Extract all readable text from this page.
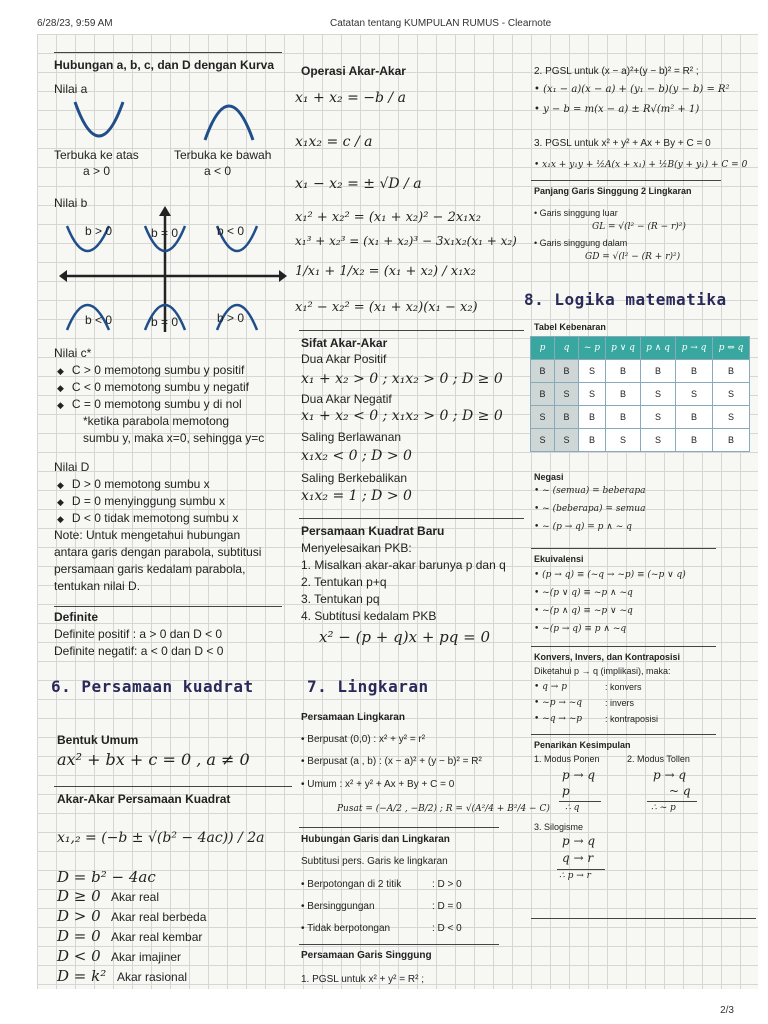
6/28/23, 9:59 AM	Catatan tentang KUMPULAN RUMUS - Clearnote
2/3
Hubungan a, b, c, dan D dengan Kurva
Nilai a
Terbuka ke atas
a > 0
Terbuka ke bawah
a < 0
Nilai b
b > 0	b = 0	b < 0
b < 0	b = 0	b > 0
Nilai c*
◆ C > 0 memotong sumbu y positif
◆ C < 0 memotong sumbu y negatif
◆ C = 0 memotong sumbu y di nol
*ketika parabola memotong
sumbu y, maka x=0, sehingga y=c
Nilai D
◆ D > 0 memotong sumbu x
◆ D = 0 menyinggung sumbu x
◆ D < 0 tidak memotong sumbu x
Note: Untuk mengetahui hubungan
antara garis dengan parabola, subtitusi
persamaan garis kedalam parabola,
tentukan nilai D.
Definite
Definite positif : a > 0 dan D < 0
Definite negatif: a < 0 dan D < 0
6. Persamaan kuadrat
Bentuk Umum
ax² + bx + c = 0 , a ≠ 0
Akar-Akar Persamaan Kuadrat
x₁,₂ = (−b ± √(b² − 4ac)) / 2a
D = b² − 4ac
D ≥ 0 Akar real
D > 0 Akar real berbeda
D = 0 Akar real kembar
D < 0 Akar imajiner
D = k² Akar rasional
Operasi Akar-Akar
x₁ + x₂ = −b / a
x₁x₂ = c / a
x₁ − x₂ = ± √D / a
x₁² + x₂² = (x₁ + x₂)² − 2x₁x₂
x₁³ + x₂³ = (x₁ + x₂)³ − 3x₁x₂(x₁ + x₂)
1/x₁ + 1/x₂ = (x₁ + x₂) / x₁x₂
x₁² − x₂² = (x₁ + x₂)(x₁ − x₂)
Sifat Akar-Akar
Dua Akar Positif
x₁ + x₂ > 0 ; x₁x₂ > 0 ; D ≥ 0
Dua Akar Negatif
x₁ + x₂ < 0 ; x₁x₂ > 0 ; D ≥ 0
Saling Berlawanan
x₁x₂ < 0 ; D > 0
Saling Berkebalikan
x₁x₂ = 1 ; D > 0
Persamaan Kuadrat Baru
Menyelesaikan PKB:
1. Misalkan akar-akar barunya p dan q
2. Tentukan p+q
3. Tentukan pq
4. Subtitusi kedalam PKB
x² − (p + q)x + pq = 0
7. Lingkaran
Persamaan Lingkaran
• Berpusat (0,0) : x² + y² = r²
• Berpusat (a , b) : (x − a)² + (y − b)² = R²
• Umum : x² + y² + Ax + By + C = 0
Pusat = (−A/2 , −B/2) ; R = √(A²/4 + B²/4 − C)
Hubungan Garis dan Lingkaran
Subtitusi pers. Garis ke lingkaran
• Berpotongan di 2 titik	: D > 0
• Bersinggungan	: D = 0
• Tidak berpotongan	: D < 0
Persamaan Garis Singgung
1. PGSL untuk x² + y² = R² ;
2. PGSL untuk (x − a)²+(y − b)² = R² ;
• (x₁ − a)(x − a) + (y₁ − b)(y − b) = R²
• y − b = m(x − a) ± R√(m² + 1)
3. PGSL untuk x² + y² + Ax + By + C = 0
• x₁x + y₁y + ½A(x + x₁) + ½B(y + y₁) + C = 0
Panjang Garis Singgung 2 Lingkaran
• Garis singgung luar
GL = √(l² − (R − r)²)
• Garis singgung dalam
GD = √(l² − (R + r)²)
8. Logika matematika
Tabel Kebenaran
p	q	~ p	p ∨ q	p ∧ q	p → q	p ⇔ q
B	B	S	B	B	B	B
B	S	S	B	S	S	S
S	B	B	B	S	B	S
S	S	B	S	S	B	B
Negasi
• ~ (semua) = beberapa
• ~ (beberapa) = semua
• ~ (p → q) = p ∧ ~ q
Ekuivalensi
• (p → q) ≡ (~q → ~p) ≡ (~p ∨ q)
• ~(p ∨ q) ≡ ~p ∧ ~q
• ~(p ∧ q) ≡ ~p ∨ ~q
• ~(p → q) ≡ p ∧ ~q
Konvers, Invers, dan Kontraposisi
Diketahui p → q (implikasi), maka:
• q → p	: konvers
• ~p → ~q	: invers
• ~q → ~p	: kontraposisi
Penarikan Kesimpulan
1. Modus Ponen	2. Modus Tollen
p → q
p
∴ q
p → q
~ q
∴ ~ p
3. Silogisme
p → q
q → r
∴ p → r
